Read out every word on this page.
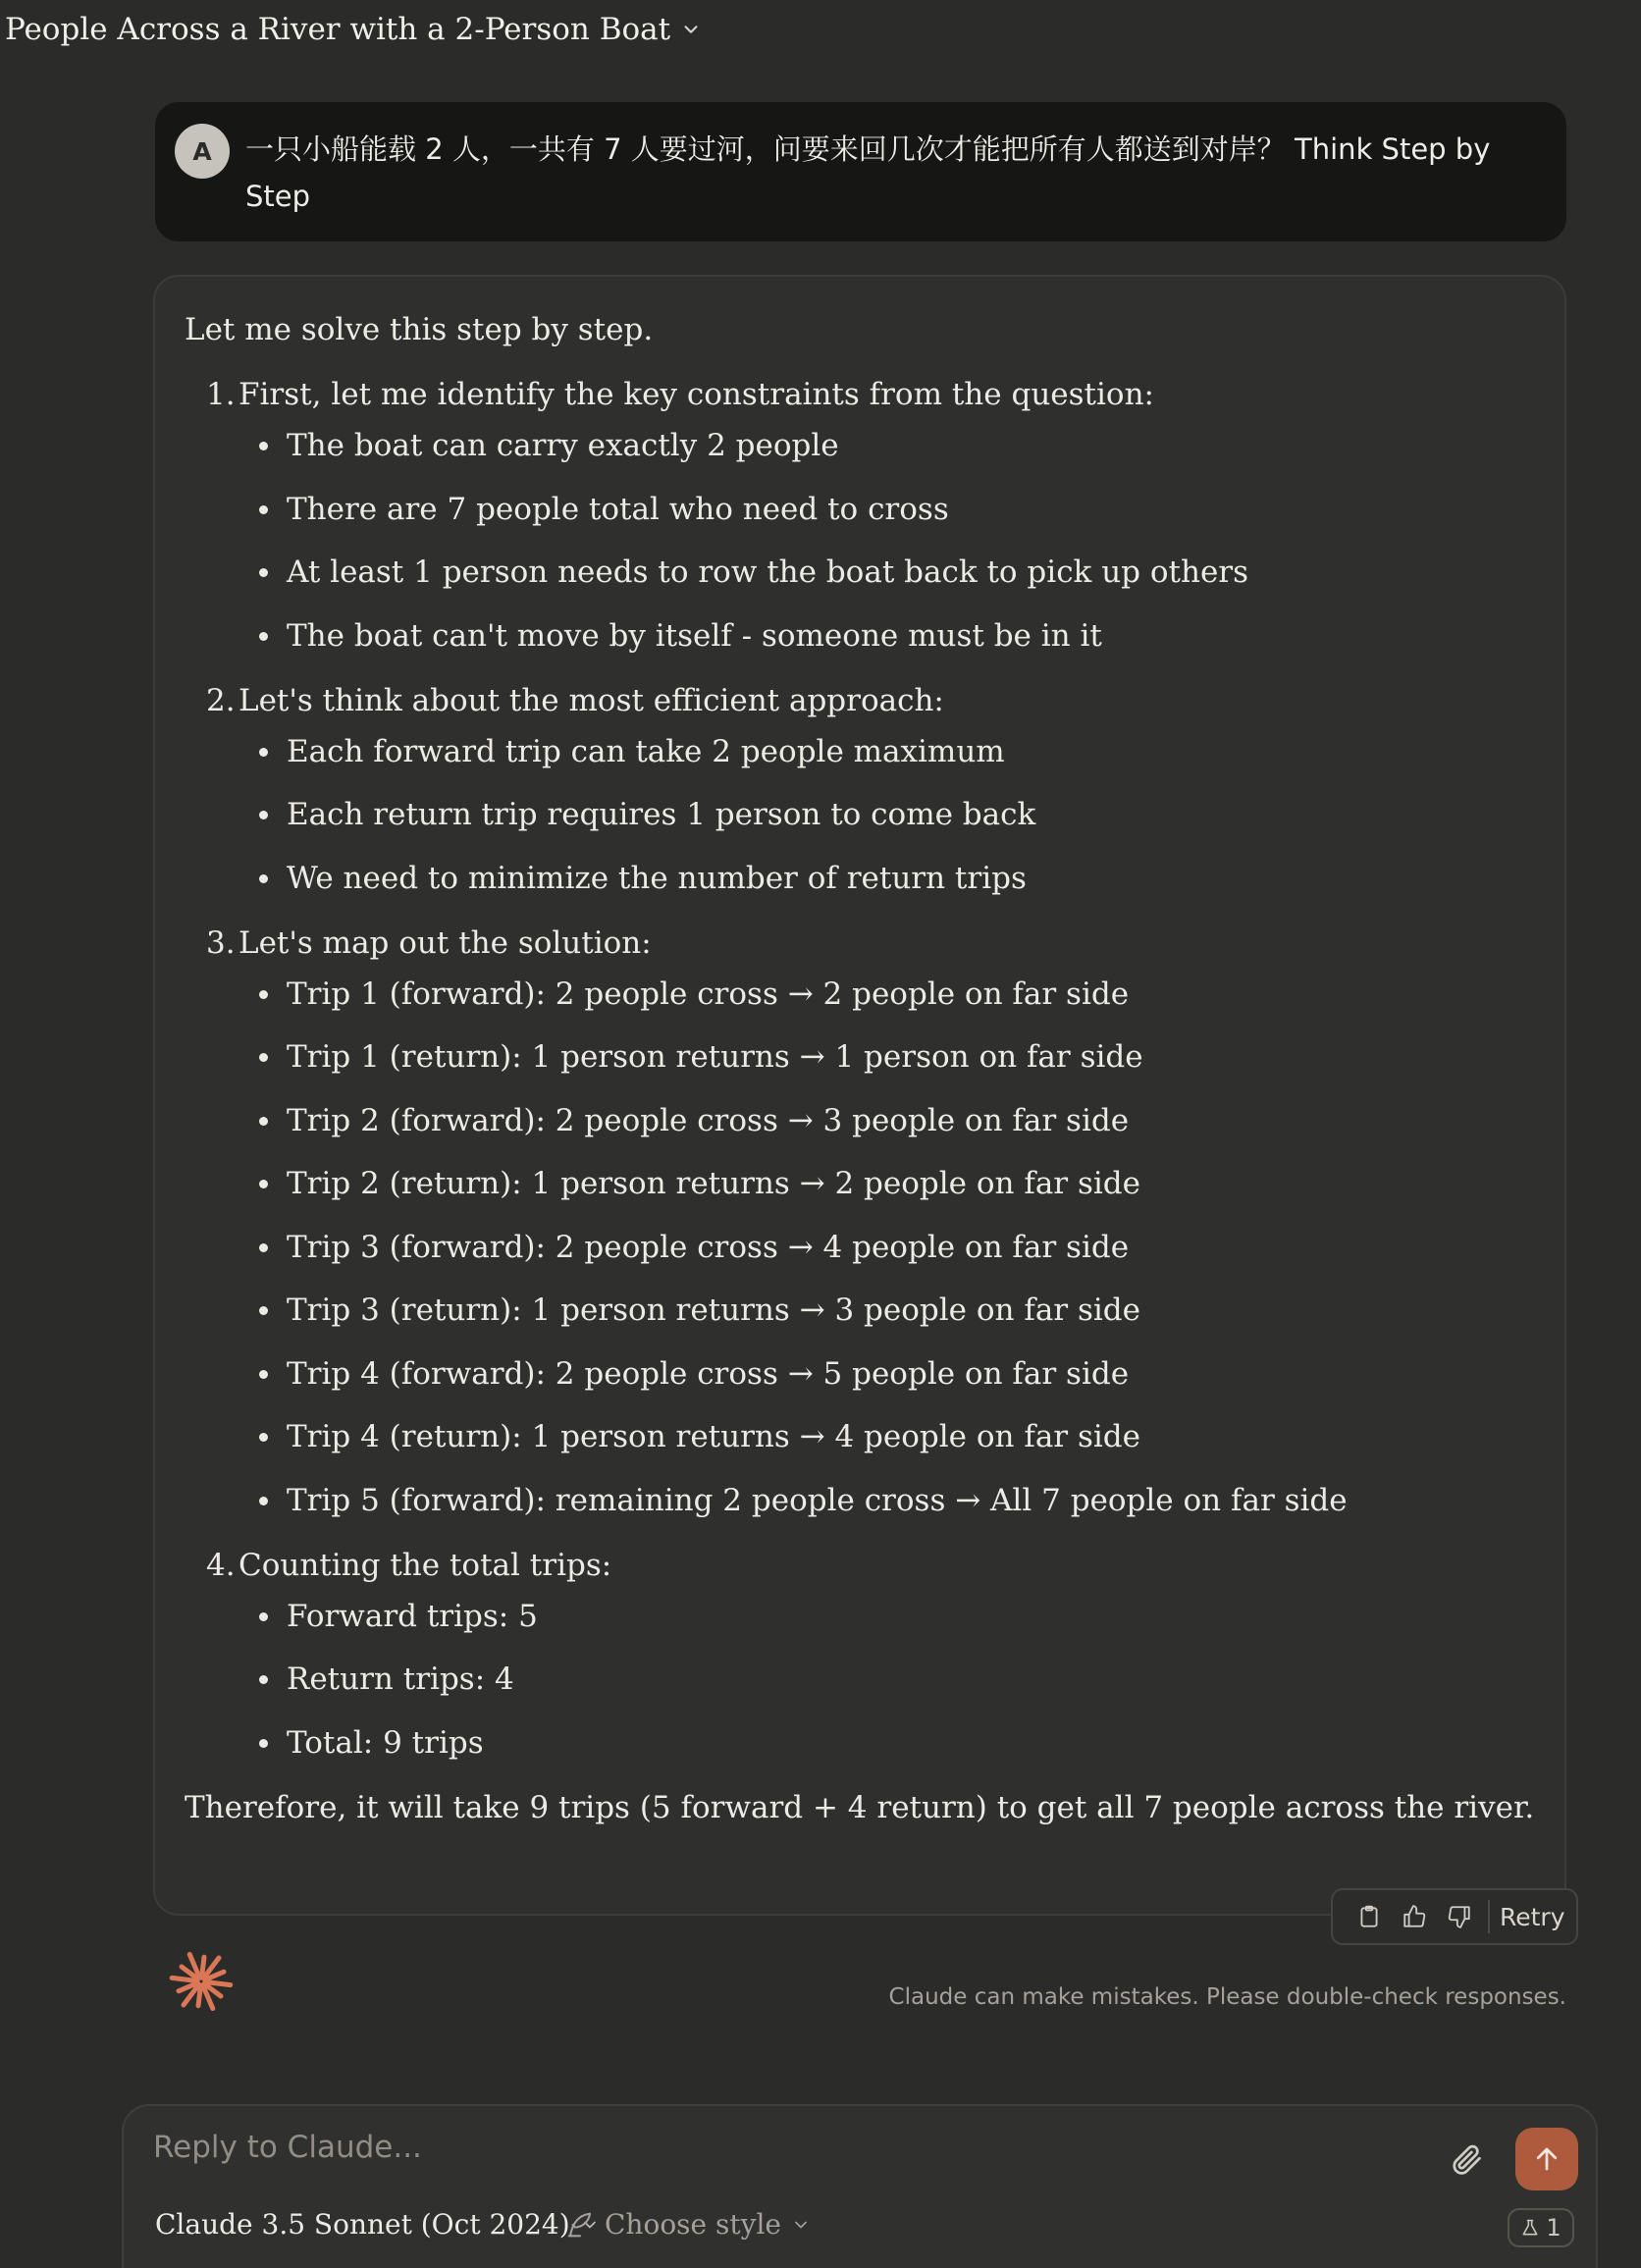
People Across a River with a 2-Person Boat
A	一只小船能载 2 人，一共有 7 人要过河，问要来回几次才能把所有人都送到对岸？ Think Step by Step

Let me solve this step by step.

1. First, let me identify the key constraints from the question:
The boat can carry exactly 2 people
There are 7 people total who need to cross
At least 1 person needs to row the boat back to pick up others
The boat can't move by itself - someone must be in it
2. Let's think about the most efficient approach:
Each forward trip can take 2 people maximum
Each return trip requires 1 person to come back
We need to minimize the number of return trips
3. Let's map out the solution:
Trip 1 (forward): 2 people cross → 2 people on far side
Trip 1 (return): 1 person returns → 1 person on far side
Trip 2 (forward): 2 people cross → 3 people on far side
Trip 2 (return): 1 person returns → 2 people on far side
Trip 3 (forward): 2 people cross → 4 people on far side
Trip 3 (return): 1 person returns → 3 people on far side
Trip 4 (forward): 2 people cross → 5 people on far side
Trip 4 (return): 1 person returns → 4 people on far side
Trip 5 (forward): remaining 2 people cross → All 7 people on far side
4. Counting the total trips:
Forward trips: 5
Return trips: 4
Total: 9 trips

Therefore, it will take 9 trips (5 forward + 4 return) to get all 7 people across the river.

Retry
Claude can make mistakes. Please double-check responses.
Reply to Claude...
Claude 3.5 Sonnet (Oct 2024) Choose style	1
